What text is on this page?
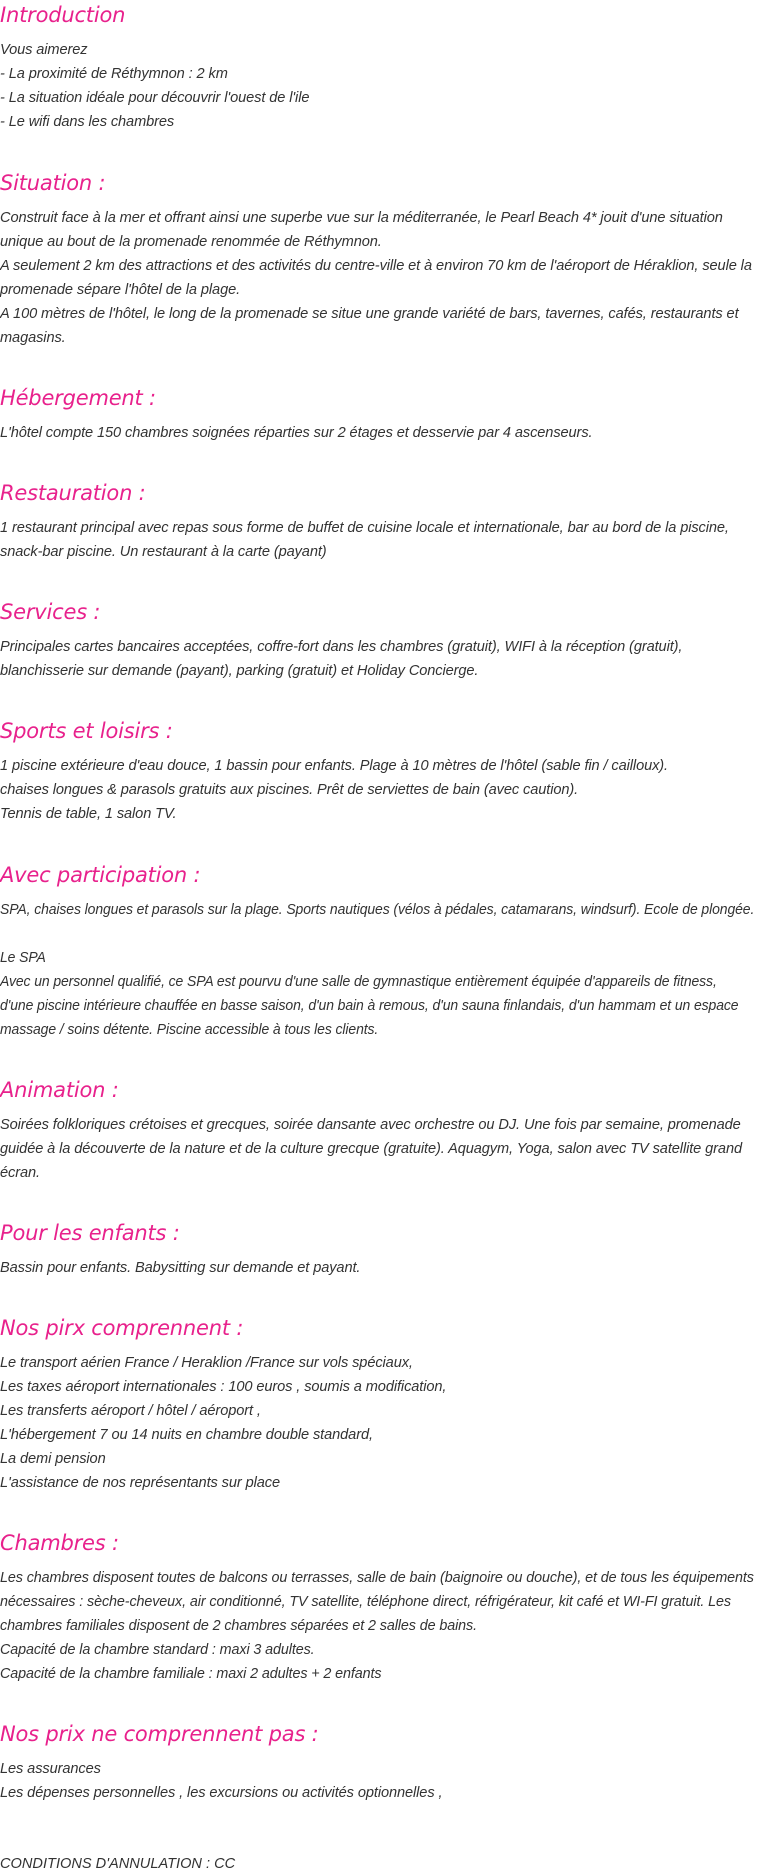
Introduction
Vous aimerez
- La proximité de Réthymnon : 2 km
- La situation idéale pour découvrir l'ouest de l'ile
- Le wifi dans les chambres
Situation :
Construit face à la mer et offrant ainsi une superbe vue sur la méditerranée, le Pearl Beach 4* jouit d'une situation
unique au bout de la promenade renommée de Réthymnon.
A seulement 2 km des attractions et des activités du centre-ville et à environ 70 km de l'aéroport de Héraklion, seule la
promenade sépare l'hôtel de la plage.
A 100 mètres de l'hôtel, le long de la promenade se situe une grande variété de bars, tavernes, cafés, restaurants et
magasins.
Hébergement :
L'hôtel compte 150 chambres soignées réparties sur 2 étages et desservie par 4 ascenseurs.
Restauration :
1 restaurant principal avec repas sous forme de buffet de cuisine locale et internationale, bar au bord de la piscine,
snack-bar piscine. Un restaurant à la carte (payant)
Services :
Principales cartes bancaires acceptées, coffre-fort dans les chambres (gratuit), WIFI à la réception (gratuit),
blanchisserie sur demande (payant), parking (gratuit) et Holiday Concierge.
Sports et loisirs :
1 piscine extérieure d'eau douce, 1 bassin pour enfants. Plage à 10 mètres de l'hôtel (sable fin / cailloux).
chaises longues & parasols gratuits aux piscines. Prêt de serviettes de bain (avec caution).
Tennis de table, 1 salon TV.
Avec participation :
SPA, chaises longues et parasols sur la plage. Sports nautiques (vélos à pédales, catamarans, windsurf). Ecole de plongée.
Le SPA
Avec un personnel qualifié, ce SPA est pourvu d'une salle de gymnastique entièrement équipée d'appareils de fitness,
d'une piscine intérieure chauffée en basse saison, d'un bain à remous, d'un sauna finlandais, d'un hammam et un espace
massage / soins détente. Piscine accessible à tous les clients.
Animation :
Soirées folkloriques crétoises et grecques, soirée dansante avec orchestre ou DJ. Une fois par semaine, promenade
guidée à la découverte de la nature et de la culture grecque (gratuite). Aquagym, Yoga, salon avec TV satellite grand
écran.
Pour les enfants :
Bassin pour enfants. Babysitting sur demande et payant.
Nos pirx comprennent :
Le transport aérien France / Heraklion /France sur vols spéciaux,
Les taxes aéroport internationales : 100 euros , soumis a modification,
Les transferts aéroport / hôtel / aéroport ,
L'hébergement 7 ou 14 nuits en chambre double standard,
La demi pension
L'assistance de nos représentants sur place
Chambres :
Les chambres disposent toutes de balcons ou terrasses, salle de bain (baignoire ou douche), et de tous les équipements
nécessaires : sèche-cheveux, air conditionné, TV satellite, téléphone direct, réfrigérateur, kit café et WI-FI gratuit. Les
chambres familiales disposent de 2 chambres séparées et 2 salles de bains.
Capacité de la chambre standard : maxi 3 adultes.
Capacité de la chambre familiale : maxi 2 adultes + 2 enfants
Nos prix ne comprennent pas :
Les assurances
Les dépenses personnelles , les excursions ou activités optionnelles ,
CONDITIONS D'ANNULATION : CC
